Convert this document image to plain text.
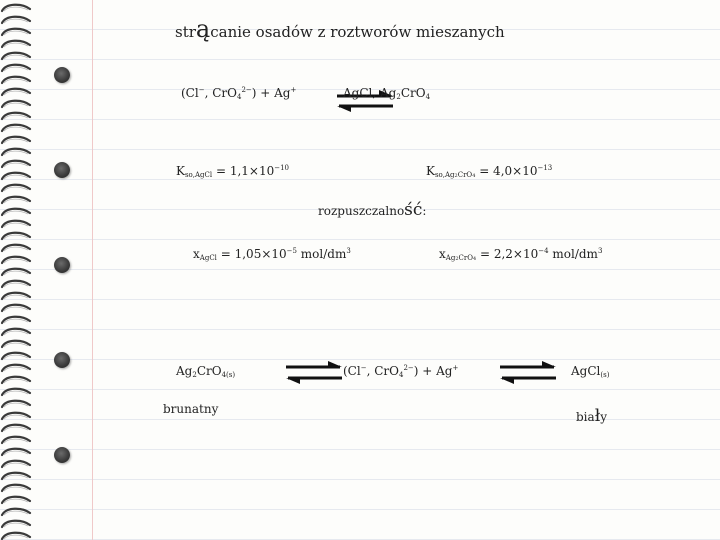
strącanie osadów z roztworów mieszanych
(Cl−, CrO$_4^{2-}$) + Ag+	AgCl, $Ag_2CrO_4$
$K_{so,AgCl} = 1,1\times 10^{-10}$	$K_{so,Ag2CrO4} = 4,0\times 10^{-13}$
rozpuszczalność:
$x_{AgCl} = 1,05\times 10^{-5}$ mol/$dm^3$	$x_{Ag2CrO4} = 2,2\times 10^{-4}$ mol/$dm^3$
$Ag_2CrO_{4(s)}$	(Cl−, CrO$_4^{2-}$) + Ag+ ⇌ AgCl$_{(s)}$
brunatny
biały
